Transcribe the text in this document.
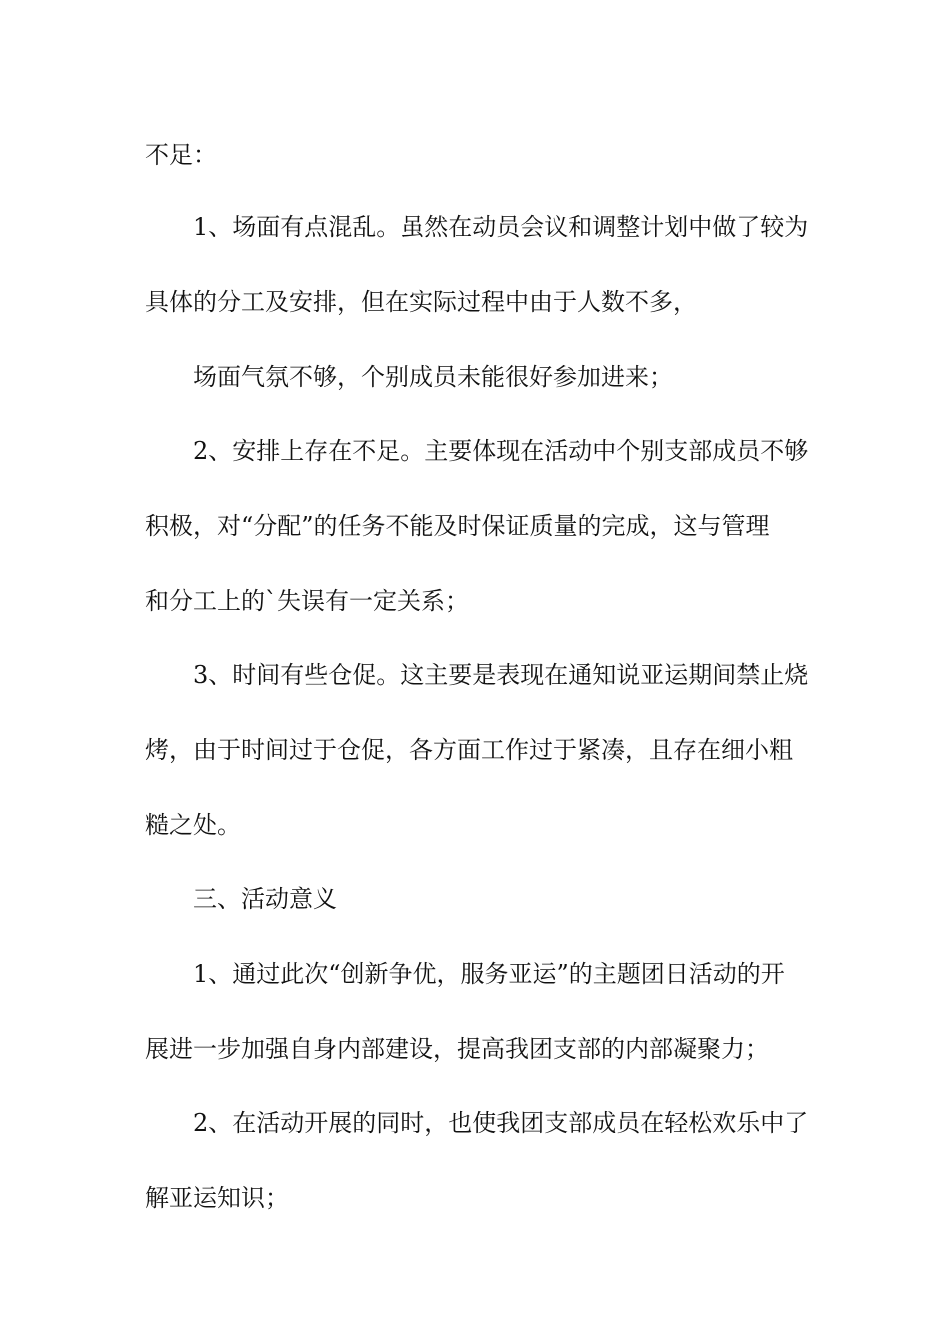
不足：

1、场面有点混乱。虽然在动员会议和调整计划中做了较为

具体的分工及安排，但在实际过程中由于人数不多，

场面气氛不够，个别成员未能很好参加进来；

2、安排上存在不足。主要体现在活动中个别支部成员不够

积极，对“分配”的任务不能及时保证质量的完成，这与管理

和分工上的`失误有一定关系；

3、时间有些仓促。这主要是表现在通知说亚运期间禁止烧

烤，由于时间过于仓促，各方面工作过于紧凑，且存在细小粗

糙之处。

三、活动意义

1、通过此次“创新争优，服务亚运”的主题团日活动的开

展进一步加强自身内部建设，提高我团支部的内部凝聚力；

2、在活动开展的同时，也使我团支部成员在轻松欢乐中了

解亚运知识；
